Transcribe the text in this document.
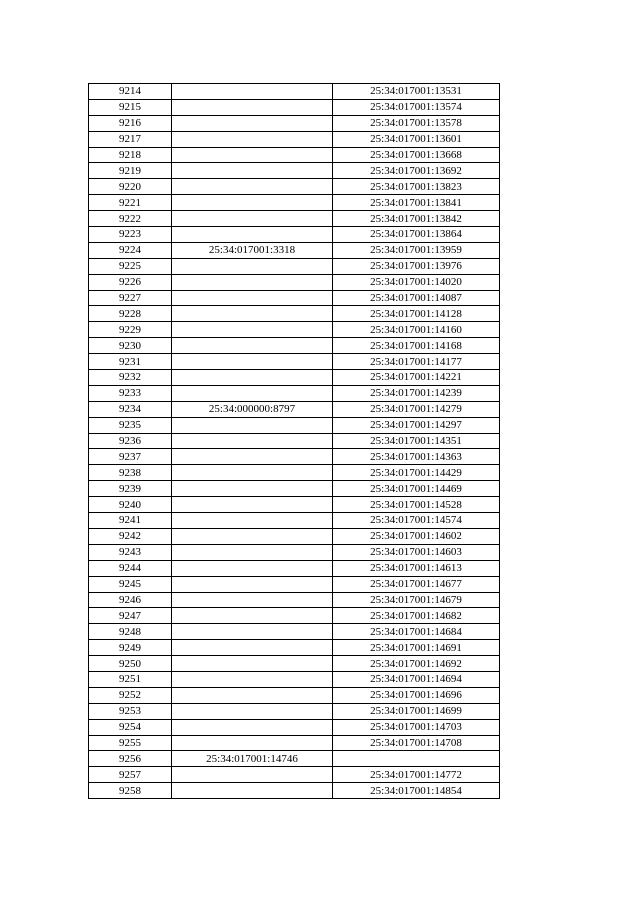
9214		25:34:017001:13531
9215		25:34:017001:13574
9216		25:34:017001:13578
9217		25:34:017001:13601
9218		25:34:017001:13668
9219		25:34:017001:13692
9220		25:34:017001:13823
9221		25:34:017001:13841
9222		25:34:017001:13842
9223		25:34:017001:13864
9224	25:34:017001:3318	25:34:017001:13959
9225		25:34:017001:13976
9226		25:34:017001:14020
9227		25:34:017001:14087
9228		25:34:017001:14128
9229		25:34:017001:14160
9230		25:34:017001:14168
9231		25:34:017001:14177
9232		25:34:017001:14221
9233		25:34:017001:14239
9234	25:34:000000:8797	25:34:017001:14279
9235		25:34:017001:14297
9236		25:34:017001:14351
9237		25:34:017001:14363
9238		25:34:017001:14429
9239		25:34:017001:14469
9240		25:34:017001:14528
9241		25:34:017001:14574
9242		25:34:017001:14602
9243		25:34:017001:14603
9244		25:34:017001:14613
9245		25:34:017001:14677
9246		25:34:017001:14679
9247		25:34:017001:14682
9248		25:34:017001:14684
9249		25:34:017001:14691
9250		25:34:017001:14692
9251		25:34:017001:14694
9252		25:34:017001:14696
9253		25:34:017001:14699
9254		25:34:017001:14703
9255		25:34:017001:14708
9256	25:34:017001:14746	
9257		25:34:017001:14772
9258		25:34:017001:14854
